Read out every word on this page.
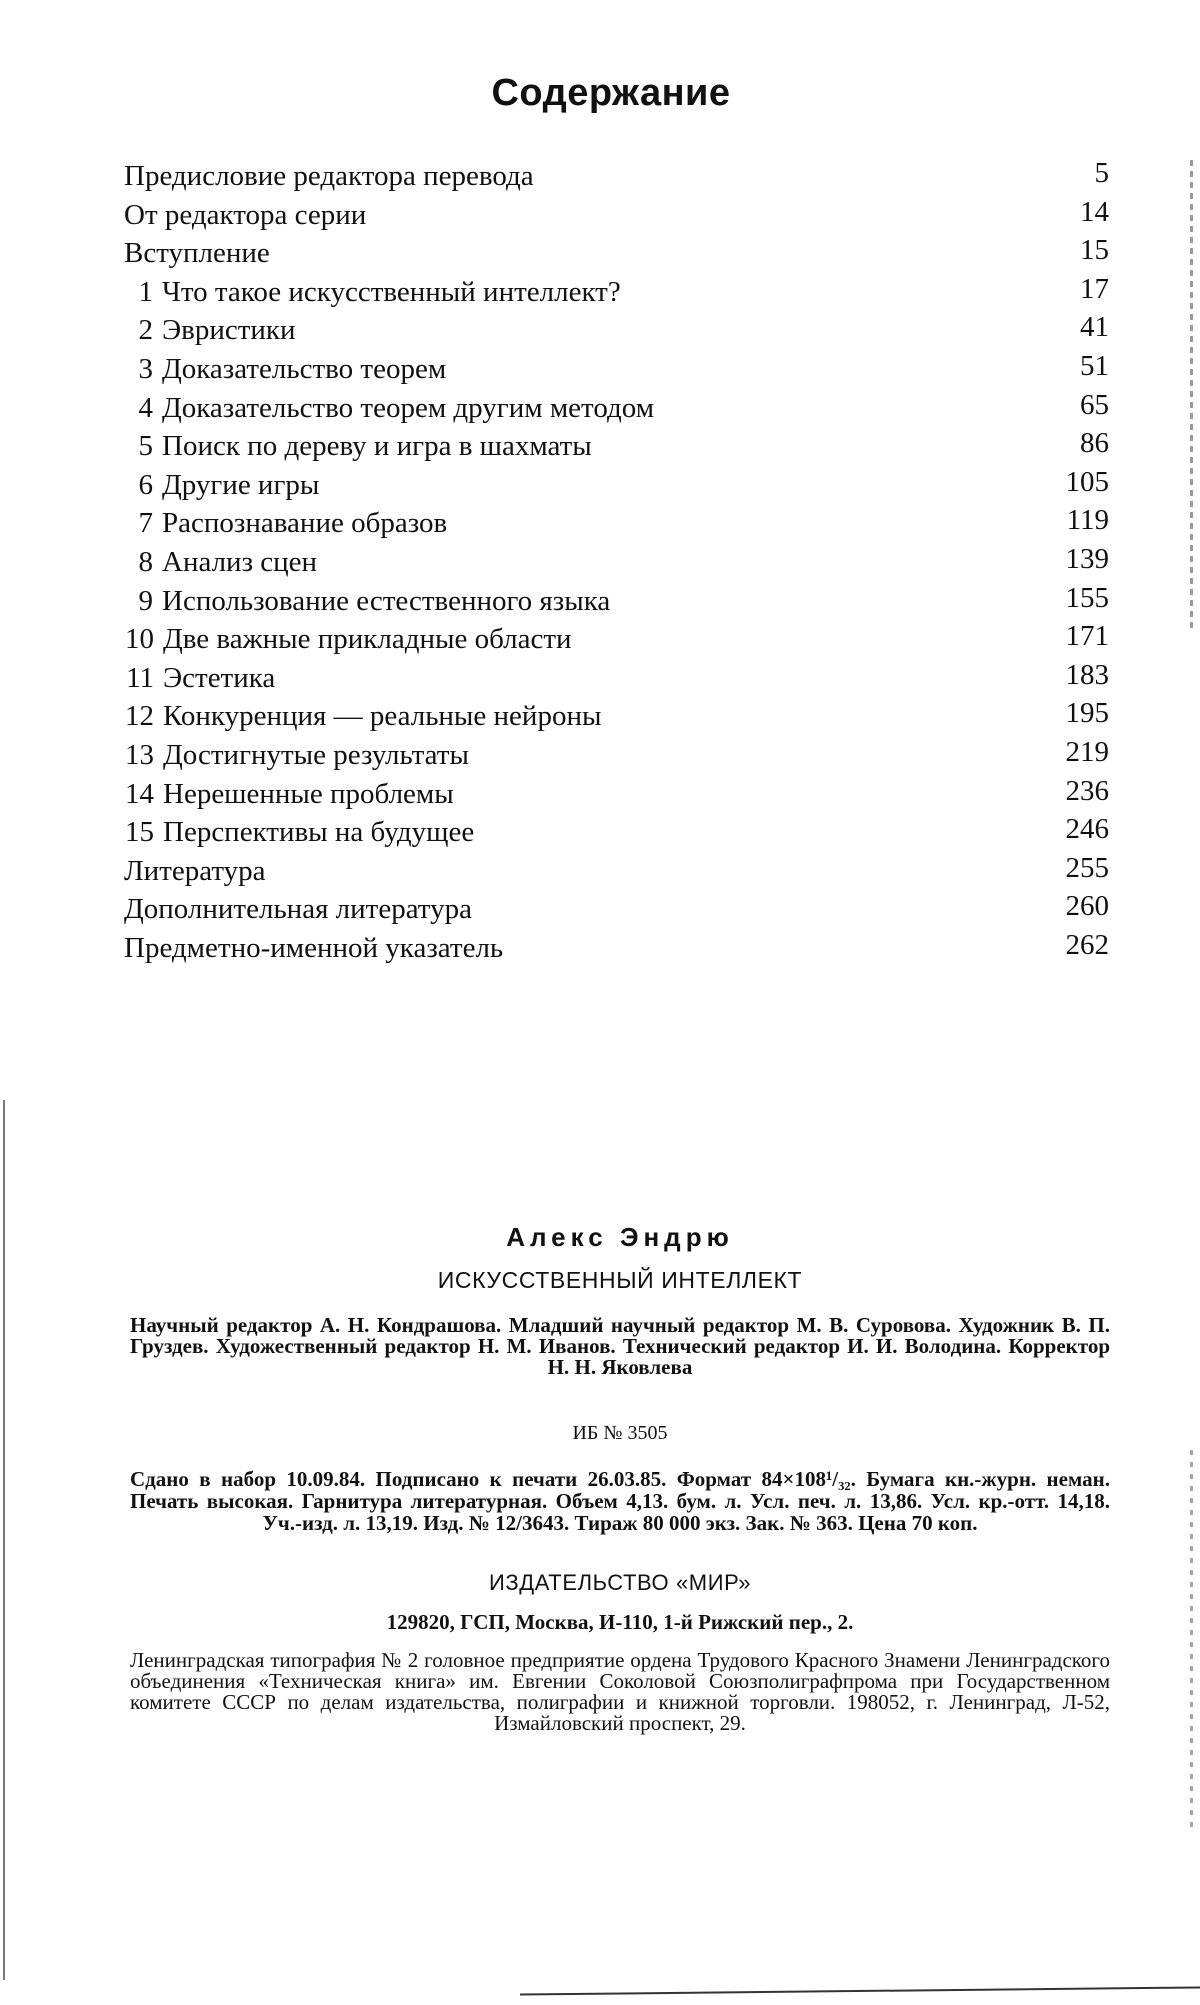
Содержание
Предисловие редактора перевода	5
От редактора серии	14
Вступление	15
1 Что такое искусственный интеллект?	17
2 Эвристики	41
3 Доказательство теорем	51
4 Доказательство теорем другим методом	65
5 Поиск по дереву и игра в шахматы	86
6 Другие игры	105
7 Распознавание образов	119
8 Анализ сцен	139
9 Использование естественного языка	155
10 Две важные прикладные области	171
11 Эстетика	183
12 Конкуренция — реальные нейроны	195
13 Достигнутые результаты	219
14 Нерешенные проблемы	236
15 Перспективы на будущее	246
Литература	255
Дополнительная литература	260
Предметно-именной указатель	262
Алекс Эндрю
ИСКУССТВЕННЫЙ ИНТЕЛЛЕКТ
Научный редактор А. Н. Кондрашова. Младший научный редактор М. В. Суровова. Художник В. П. Груздев. Художественный редактор Н. М. Иванов. Технический редактор И. И. Володина. Корректор Н. Н. Яковлева
ИБ № 3505
Сдано в набор 10.09.84. Подписано к печати 26.03.85. Формат 84×108¹/₃₂. Бумага кн.-журн. неман. Печать высокая. Гарнитура литературная. Объем 4,13. бум. л. Усл. печ. л. 13,86. Усл. кр.-отт. 14,18. Уч.-изд. л. 13,19. Изд. № 12/3643. Тираж 80 000 экз. Зак. № 363. Цена 70 коп.
ИЗДАТЕЛЬСТВО «МИР»
129820, ГСП, Москва, И-110, 1-й Рижский пер., 2.
Ленинградская типография № 2 головное предприятие ордена Трудового Красного Знамени Ленинградского объединения «Техническая книга» им. Евгении Соколовой Союзполиграфпрома при Государственном комитете СССР по делам издательства, полиграфии и книжной торговли. 198052, г. Ленинград, Л-52, Измайловский проспект, 29.
